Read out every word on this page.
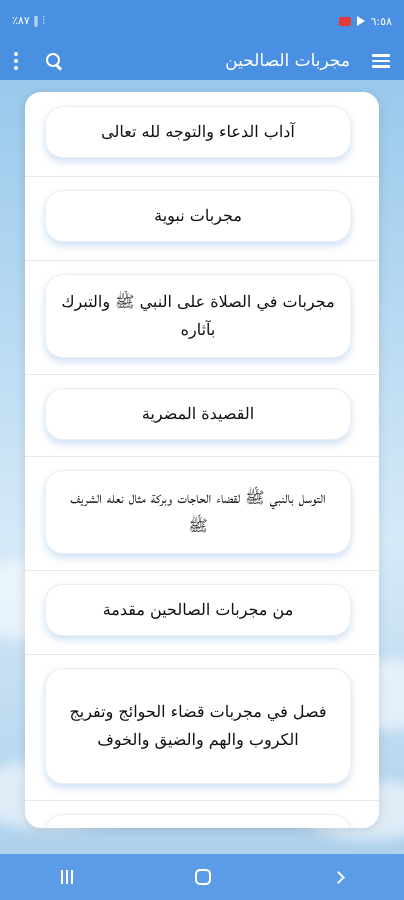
٪٨٧ ‖ ⫶	٦:٥٨
مجربات الصالحين
آداب الدعاء والتوجه لله تعالى
مجربات نبوية
مجربات في الصلاة على النبي ﷺ والتبرك بآثاره
القصيدة المضرية
التوسل بالنبي ﷺ لقضاء الحاجات وبركة مثال نعله الشريف ﷺ
من مجربات الصالحين مقدمة
فصل في مجربات قضاء الحوائج وتفريج الكروب والهم والضيق والخوف
